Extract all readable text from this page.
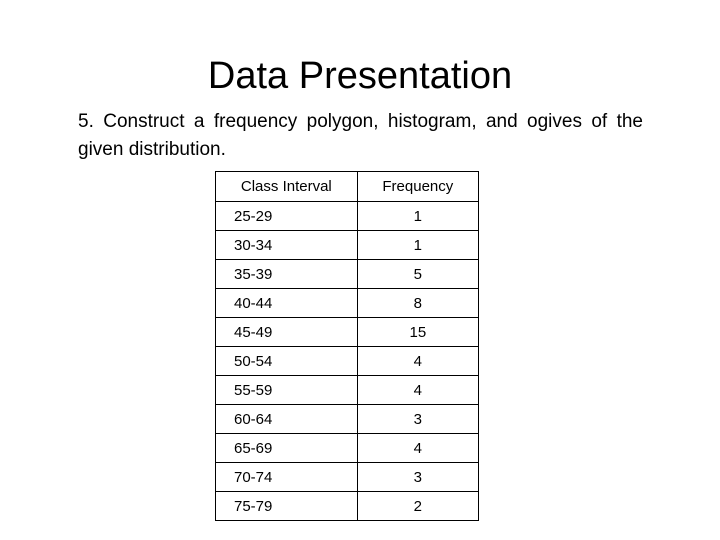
Data Presentation

5. Construct a frequency polygon, histogram, and ogives of the given distribution.

Class Interval	Frequency
25-29	1
30-34	1
35-39	5
40-44	8
45-49	15
50-54	4
55-59	4
60-64	3
65-69	4
70-74	3
75-79	2
